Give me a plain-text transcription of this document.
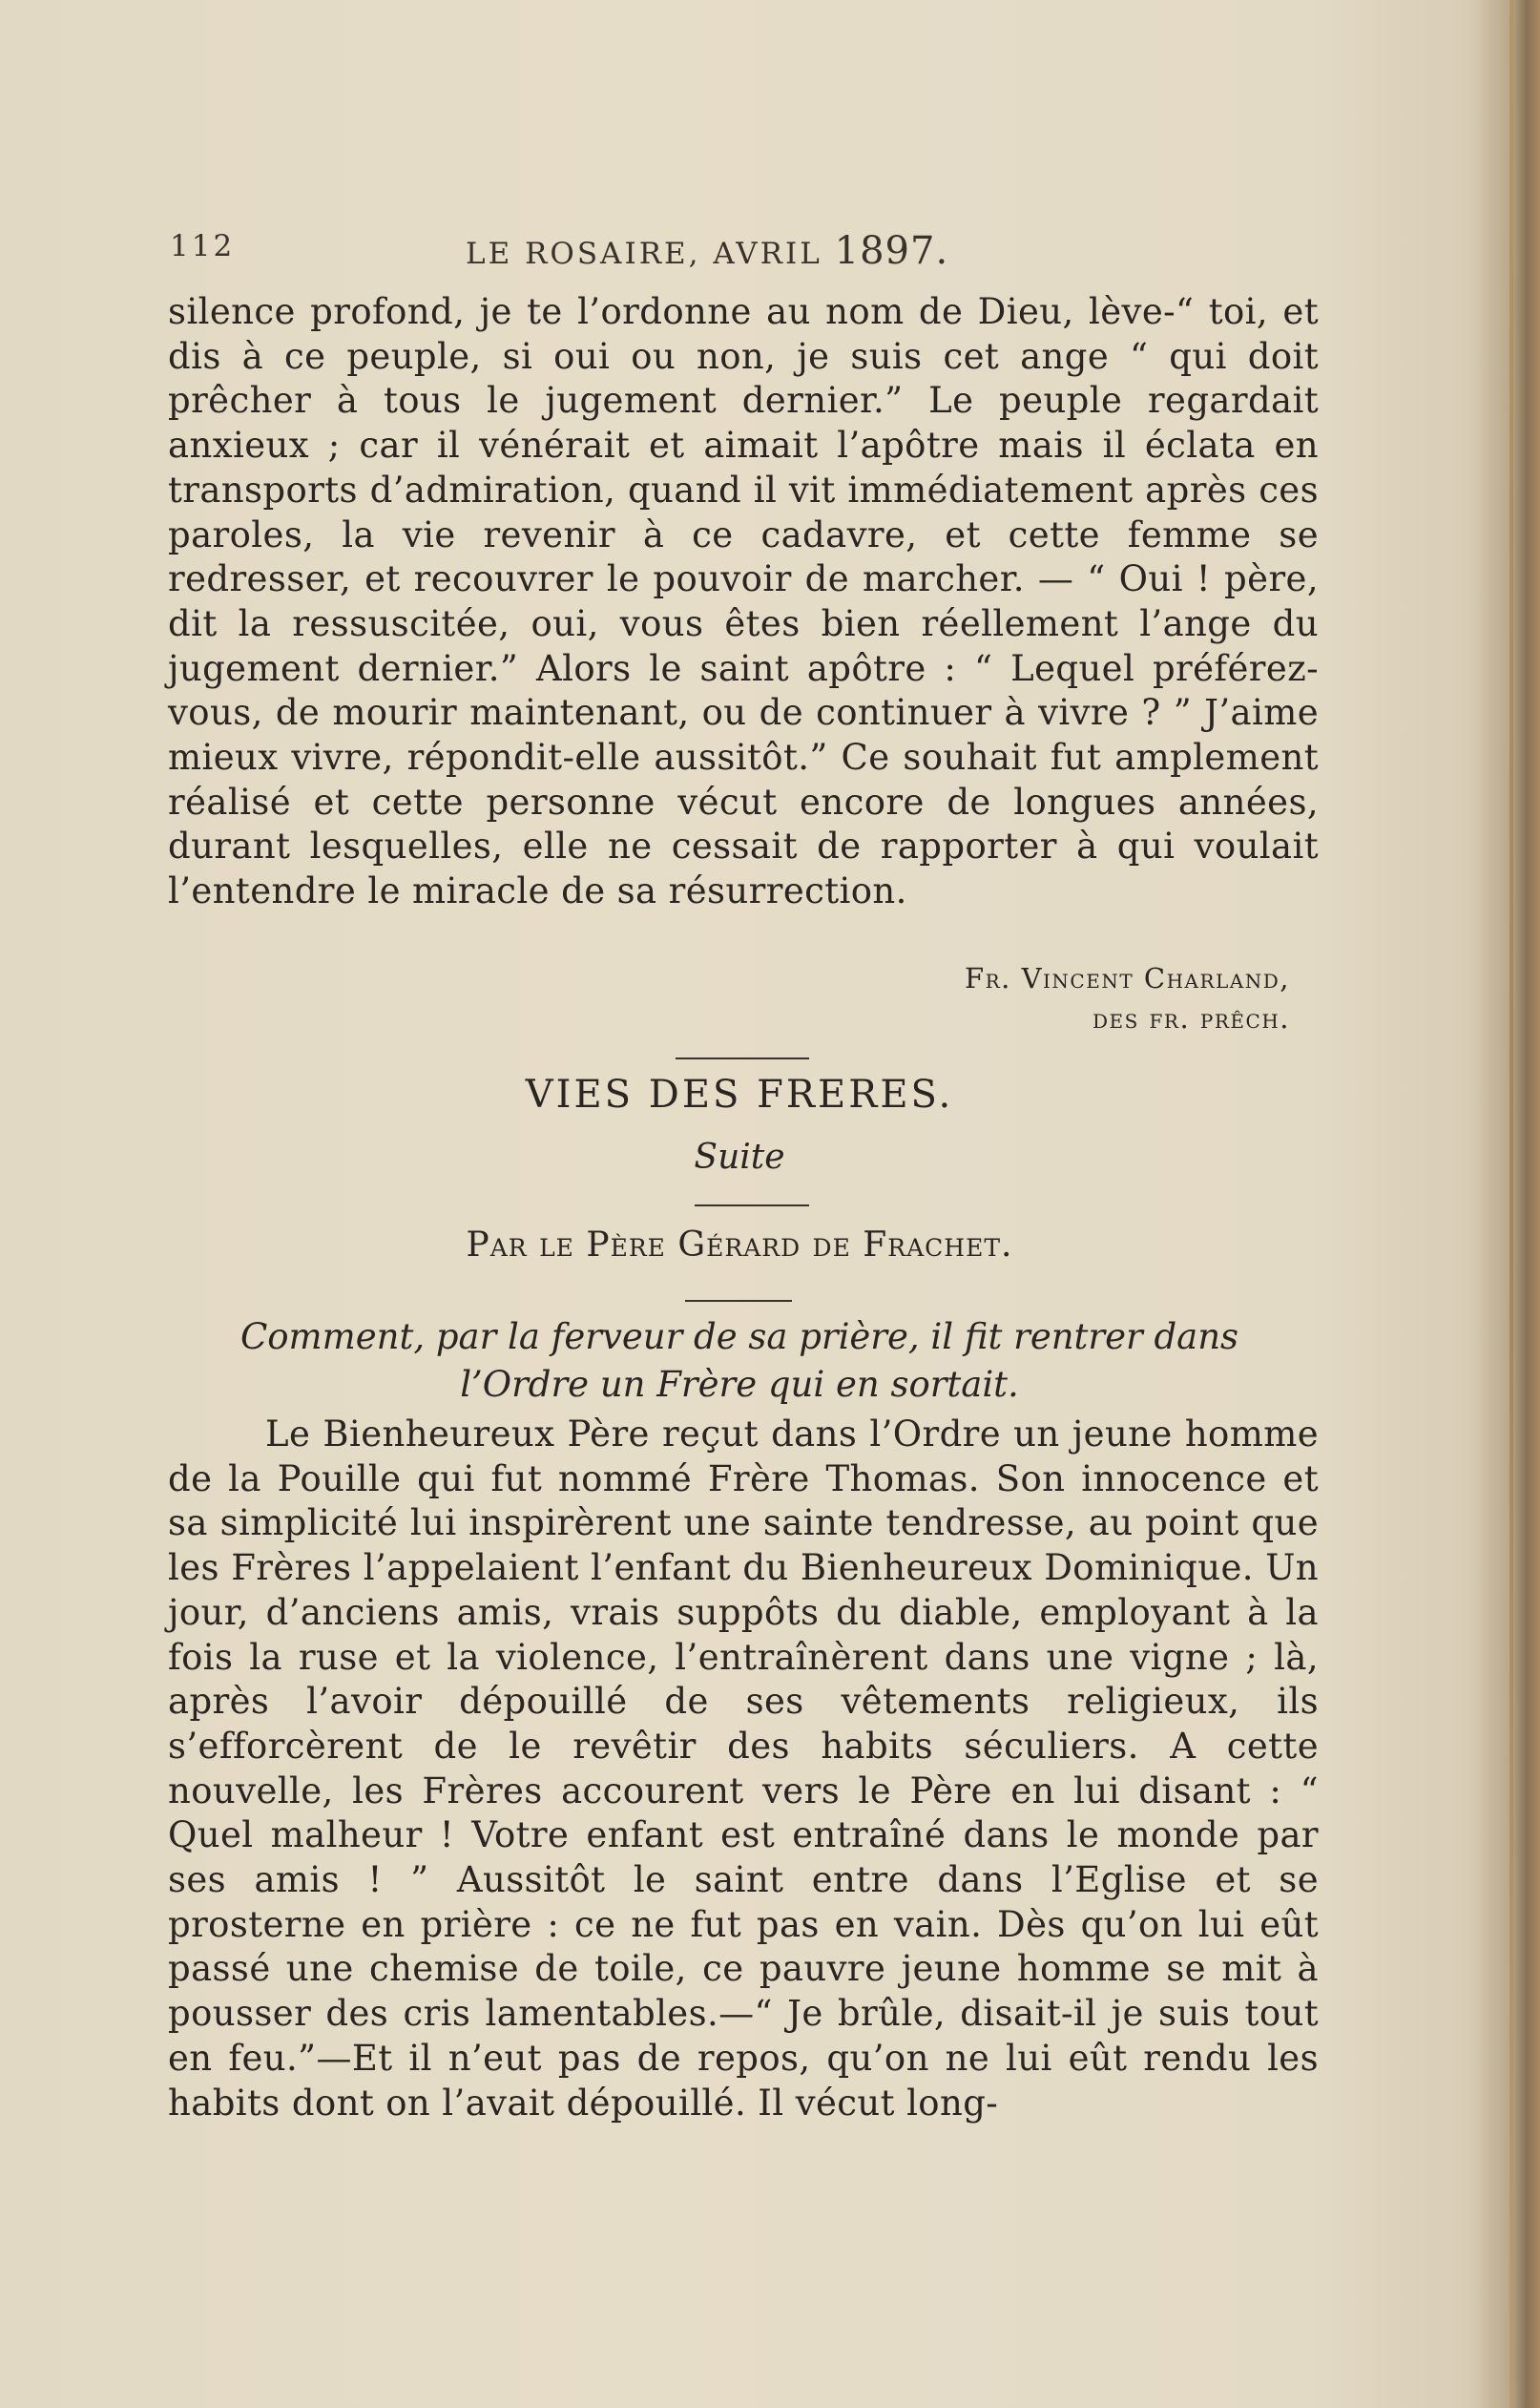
112	LE ROSAIRE, AVRIL 1897.

silence profond, je te l’ordonne au nom de Dieu, lève-“ toi, et dis à ce peuple, si oui ou non, je suis cet ange “ qui doit prêcher à tous le jugement dernier.” Le peuple regardait anxieux ; car il vénérait et aimait l’apôtre mais il éclata en transports d’admiration, quand il vit immédiatement après ces paroles, la vie revenir à ce cadavre, et cette femme se redresser, et recouvrer le pouvoir de marcher. — “ Oui ! père, dit la ressuscitée, oui, vous êtes bien réellement l’ange du jugement dernier.” Alors le saint apôtre : “ Lequel préférez-vous, de mourir maintenant, ou de continuer à vivre ? ” J’aime mieux vivre, répondit-elle aussitôt.” Ce souhait fut amplement réalisé et cette personne vécut encore de longues années, durant lesquelles, elle ne cessait de rapporter à qui voulait l’entendre le miracle de sa résurrection.

Fr. Vincent Charland,
des fr. prêch.
VIES DES FRERES.
Suite
Par le Père Gérard de Frachet.
Comment, par la ferveur de sa prière, il fit rentrer dans
l’Ordre un Frère qui en sortait.

Le Bienheureux Père reçut dans l’Ordre un jeune homme de la Pouille qui fut nommé Frère Thomas. Son innocence et sa simplicité lui inspirèrent une sainte tendresse, au point que les Frères l’appelaient l’enfant du Bienheureux Dominique. Un jour, d’anciens amis, vrais suppôts du diable, employant à la fois la ruse et la violence, l’entraînèrent dans une vigne ; là, après l’avoir dépouillé de ses vêtements religieux, ils s’efforcèrent de le revêtir des habits séculiers. A cette nouvelle, les Frères accourent vers le Père en lui disant : “ Quel malheur ! Votre enfant est entraîné dans le monde par ses amis ! ” Aussitôt le saint entre dans l’Eglise et se prosterne en prière : ce ne fut pas en vain. Dès qu’on lui eût passé une chemise de toile, ce pauvre jeune homme se mit à pousser des cris lamentables.—“ Je brûle, disait-il je suis tout en feu.”—Et il n’eut pas de repos, qu’on ne lui eût rendu les habits dont on l’avait dépouillé. Il vécut long-
